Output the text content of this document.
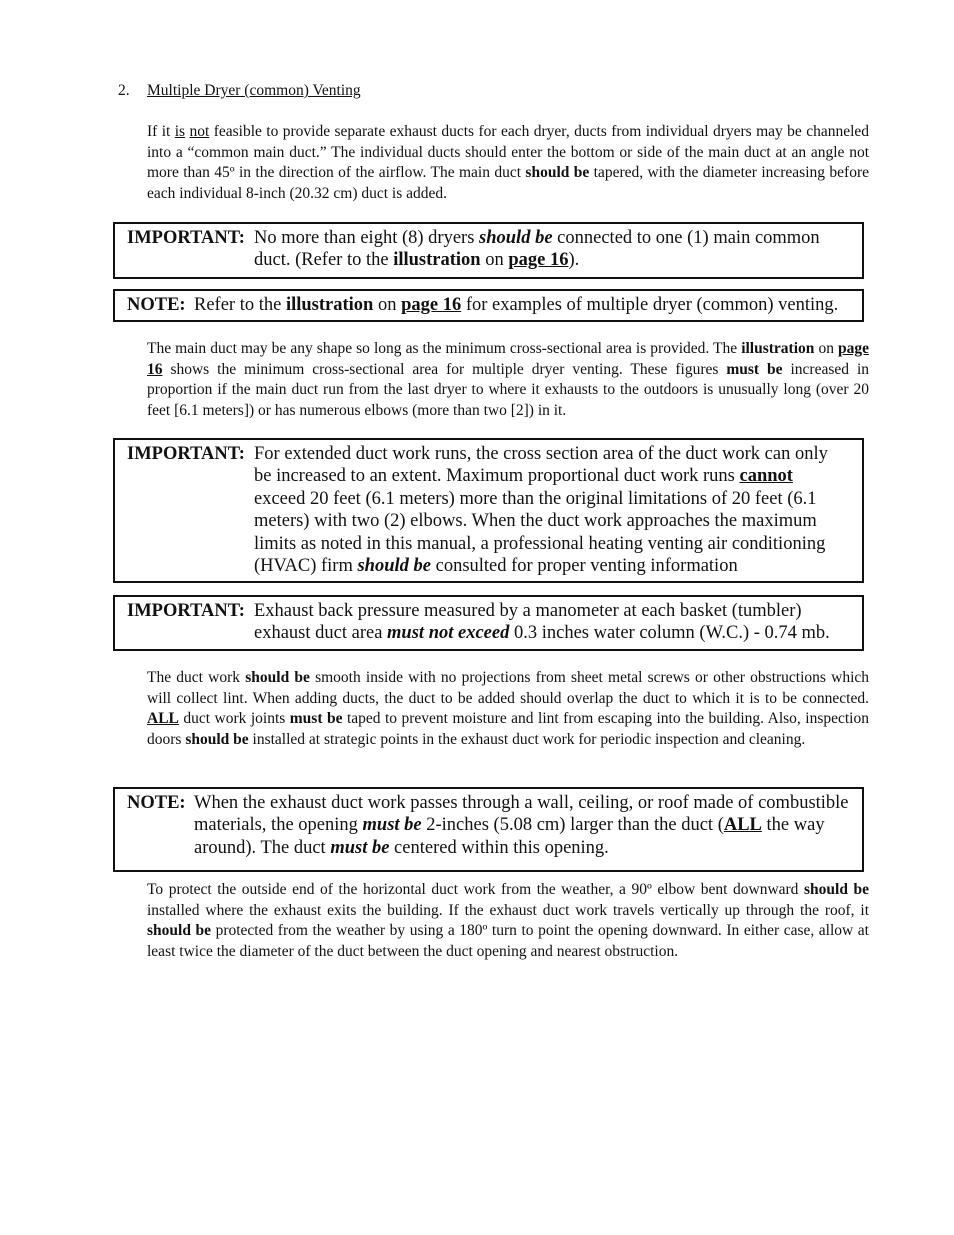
2. Multiple Dryer (common) Venting

If it is not feasible to provide separate exhaust ducts for each dryer, ducts from individual dryers may be channeled into a “common main duct.” The individual ducts should enter the bottom or side of the main duct at an angle not more than 45º in the direction of the airflow. The main duct should be tapered, with the diameter increasing before each individual 8-inch (20.32 cm) duct is added.

IMPORTANT: No more than eight (8) dryers should be connected to one (1) main common duct. (Refer to the illustration on page 16).

NOTE: Refer to the illustration on page 16 for examples of multiple dryer (common) venting.

The main duct may be any shape so long as the minimum cross-sectional area is provided. The illustration on page 16 shows the minimum cross-sectional area for multiple dryer venting. These figures must be increased in proportion if the main duct run from the last dryer to where it exhausts to the outdoors is unusually long (over 20 feet [6.1 meters]) or has numerous elbows (more than two [2]) in it.

IMPORTANT: For extended duct work runs, the cross section area of the duct work can only be increased to an extent. Maximum proportional duct work runs cannot exceed 20 feet (6.1 meters) more than the original limitations of 20 feet (6.1 meters) with two (2) elbows. When the duct work approaches the maximum limits as noted in this manual, a professional heating venting air conditioning (HVAC) firm should be consulted for proper venting information

IMPORTANT: Exhaust back pressure measured by a manometer at each basket (tumbler) exhaust duct area must not exceed 0.3 inches water column (W.C.) - 0.74 mb.

The duct work should be smooth inside with no projections from sheet metal screws or other obstructions which will collect lint. When adding ducts, the duct to be added should overlap the duct to which it is to be connected. ALL duct work joints must be taped to prevent moisture and lint from escaping into the building. Also, inspection doors should be installed at strategic points in the exhaust duct work for periodic inspection and cleaning.

NOTE: When the exhaust duct work passes through a wall, ceiling, or roof made of combustible materials, the opening must be 2-inches (5.08 cm) larger than the duct (ALL the way around). The duct must be centered within this opening.

To protect the outside end of the horizontal duct work from the weather, a 90º elbow bent downward should be installed where the exhaust exits the building. If the exhaust duct work travels vertically up through the roof, it should be protected from the weather by using a 180º turn to point the opening downward. In either case, allow at least twice the diameter of the duct between the duct opening and nearest obstruction.
